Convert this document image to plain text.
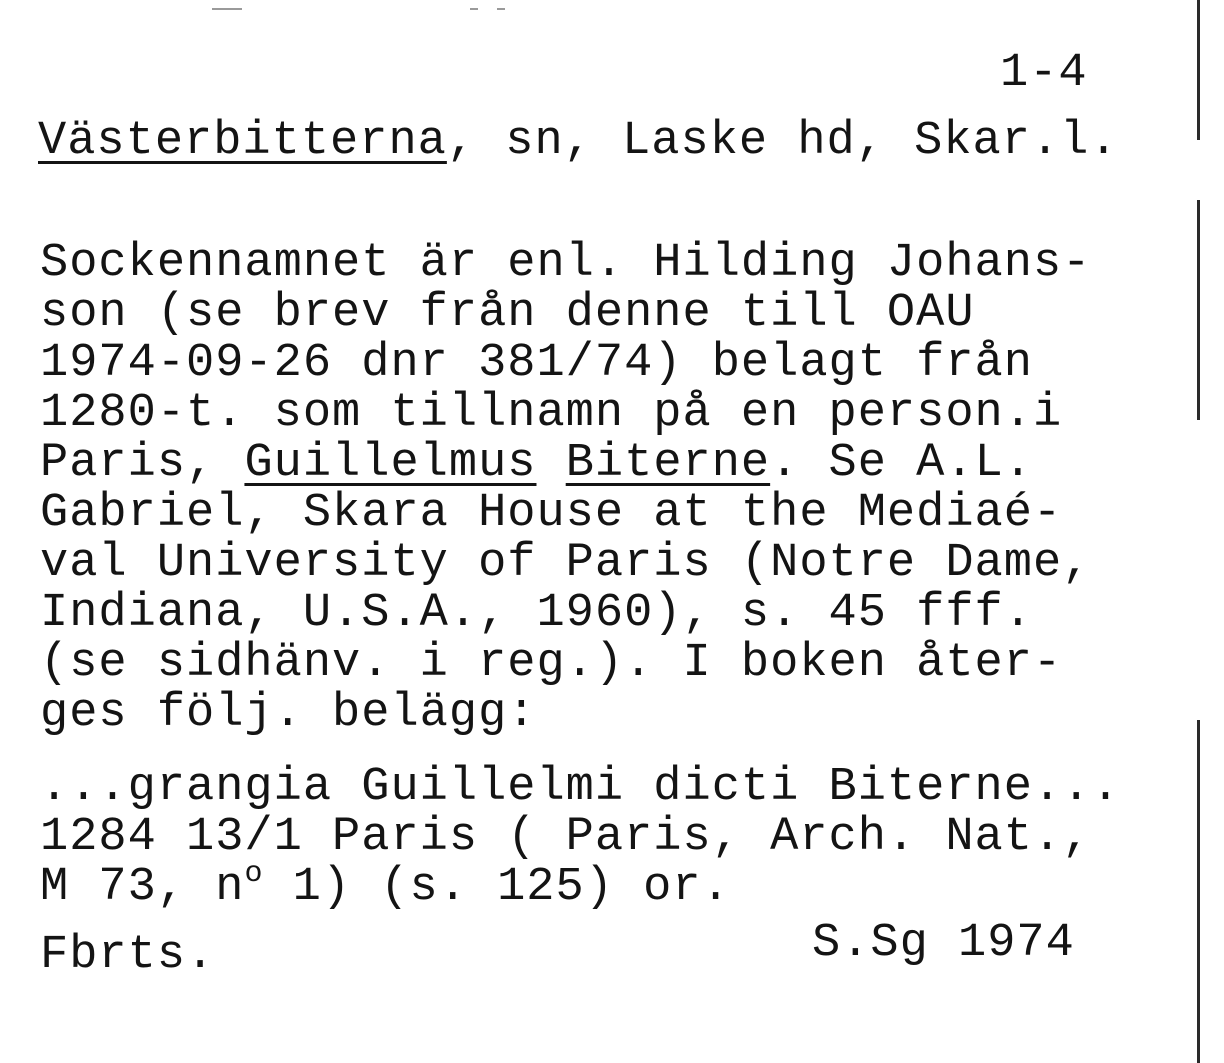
1-4
Västerbitterna, sn, Laske hd, Skar.l.
Sockennamnet är enl. Hilding Johans-
son (se brev från denne till OAU
1974-09-26 dnr 381/74) belagt från
1280-t. som tillnamn på en person.i
Paris, Guillelmus Biterne. Se A.L.
Gabriel, Skara House at the Mediaé-
val University of Paris (Notre Dame,
Indiana, U.S.A., 1960), s. 45 fff.
(se sidhänv. i reg.). I boken åter-
ges följ. belägg:
...grangia Guillelmi dicti Biterne...
1284 13/1 Paris ( Paris, Arch. Nat.,
M 73, $n^o$ 1) (s. 125) or.
S.Sg 1974
Fbrts.
